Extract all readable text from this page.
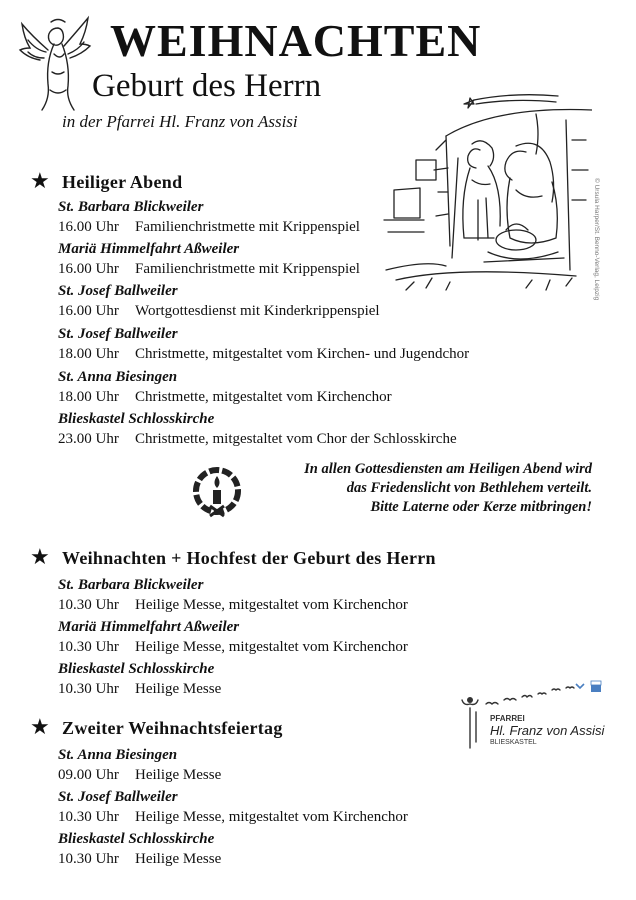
WEIHNACHTEN
Geburt des Herrn
in der Pfarrei Hl. Franz von Assisi
© Ursula Harper/St. Benno-Verlag, Leipzig
★ Heiliger Abend
St. Barbara Blickweiler
16.00 Uhr Familienchristmette mit Krippenspiel
Mariä Himmelfahrt Aßweiler
16.00 Uhr Familienchristmette mit Krippenspiel
St. Josef Ballweiler
16.00 Uhr Wortgottesdienst mit Kinderkrippenspiel
St. Josef Ballweiler
18.00 Uhr Christmette, mitgestaltet vom Kirchen- und Jugendchor
St. Anna Biesingen
18.00 Uhr Christmette, mitgestaltet vom Kirchenchor
Blieskastel Schlosskirche
23.00 Uhr Christmette, mitgestaltet vom Chor der Schlosskirche
In allen Gottesdiensten am Heiligen Abend wird
das Friedenslicht von Bethlehem verteilt.
Bitte Laterne oder Kerze mitbringen!
★ Weihnachten + Hochfest der Geburt des Herrn
St. Barbara Blickweiler
10.30 Uhr Heilige Messe, mitgestaltet vom Kirchenchor
Mariä Himmelfahrt Aßweiler
10.30 Uhr Heilige Messe, mitgestaltet vom Kirchenchor
Blieskastel Schlosskirche
10.30 Uhr Heilige Messe
★ Zweiter Weihnachtsfeiertag
St. Anna Biesingen
09.00 Uhr Heilige Messe
St. Josef Ballweiler
10.30 Uhr Heilige Messe, mitgestaltet vom Kirchenchor
Blieskastel Schlosskirche
10.30 Uhr Heilige Messe
PFARREI
Hl. Franz von Assisi
BLIESKASTEL
